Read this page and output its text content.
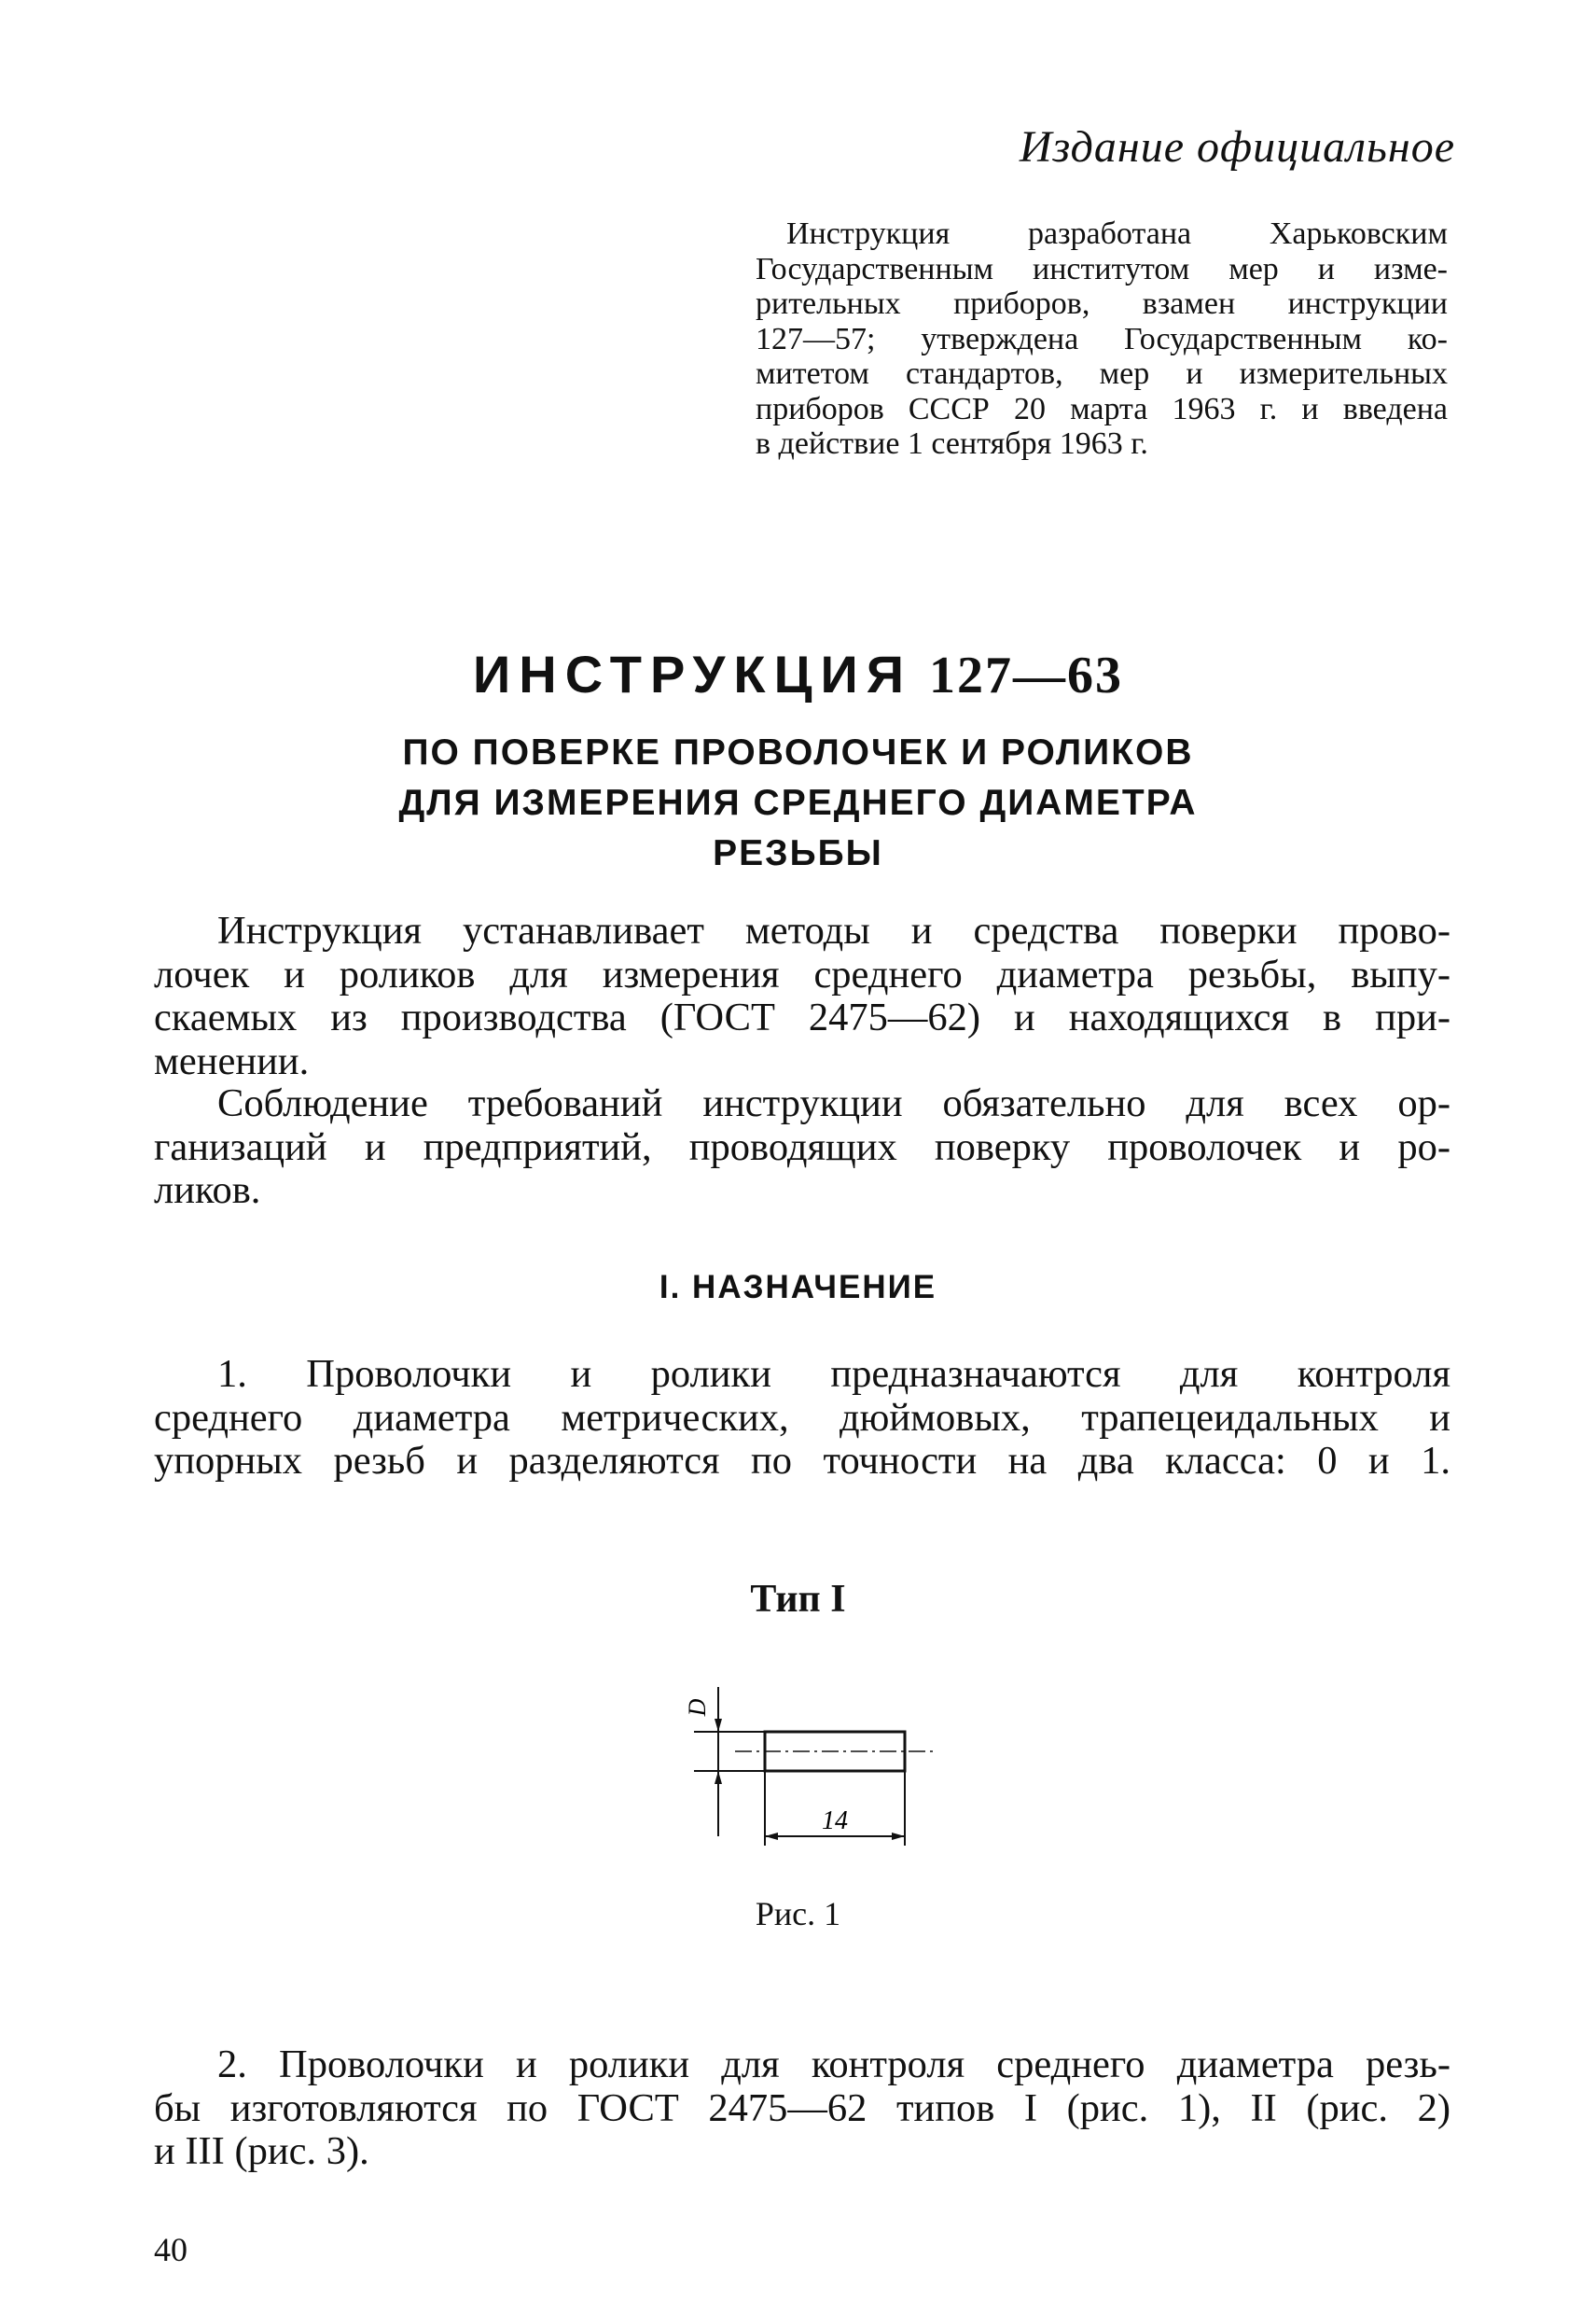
Издание официальное
Инструкция разработана Харьковским
Государственным институтом мер и изме-
рительных приборов, взамен инструкции
127—57; утверждена Государственным ко-
митетом стандартов, мер и измерительных
приборов СССР 20 марта 1963 г. и введена
в действие 1 сентября 1963 г.
ИНСТРУКЦИЯ 127—63
ПО ПОВЕРКЕ ПРОВОЛОЧЕК И РОЛИКОВ
ДЛЯ ИЗМЕРЕНИЯ СРЕДНЕГО ДИАМЕТРА
РЕЗЬБЫ
Инструкция устанавливает методы и средства поверки прово-
лочек и роликов для измерения среднего диаметра резьбы, выпу-
скаемых из производства (ГОСТ 2475—62) и находящихся в при-
менении.
Соблюдение требований инструкции обязательно для всех ор-
ганизаций и предприятий, проводящих поверку проволочек и ро-
ликов.
I. НАЗНАЧЕНИЕ
1. Проволочки и ролики предназначаются для контроля
среднего диаметра метрических, дюймовых, трапецеидальных и
упорных резьб и разделяются по точности на два класса: 0 и 1.
Тип I
D
14
Рис. 1
2. Проволочки и ролики для контроля среднего диаметра резь-
бы изготовляются по ГОСТ 2475—62 типов I (рис. 1), II (рис. 2)
и III (рис. 3).
40
